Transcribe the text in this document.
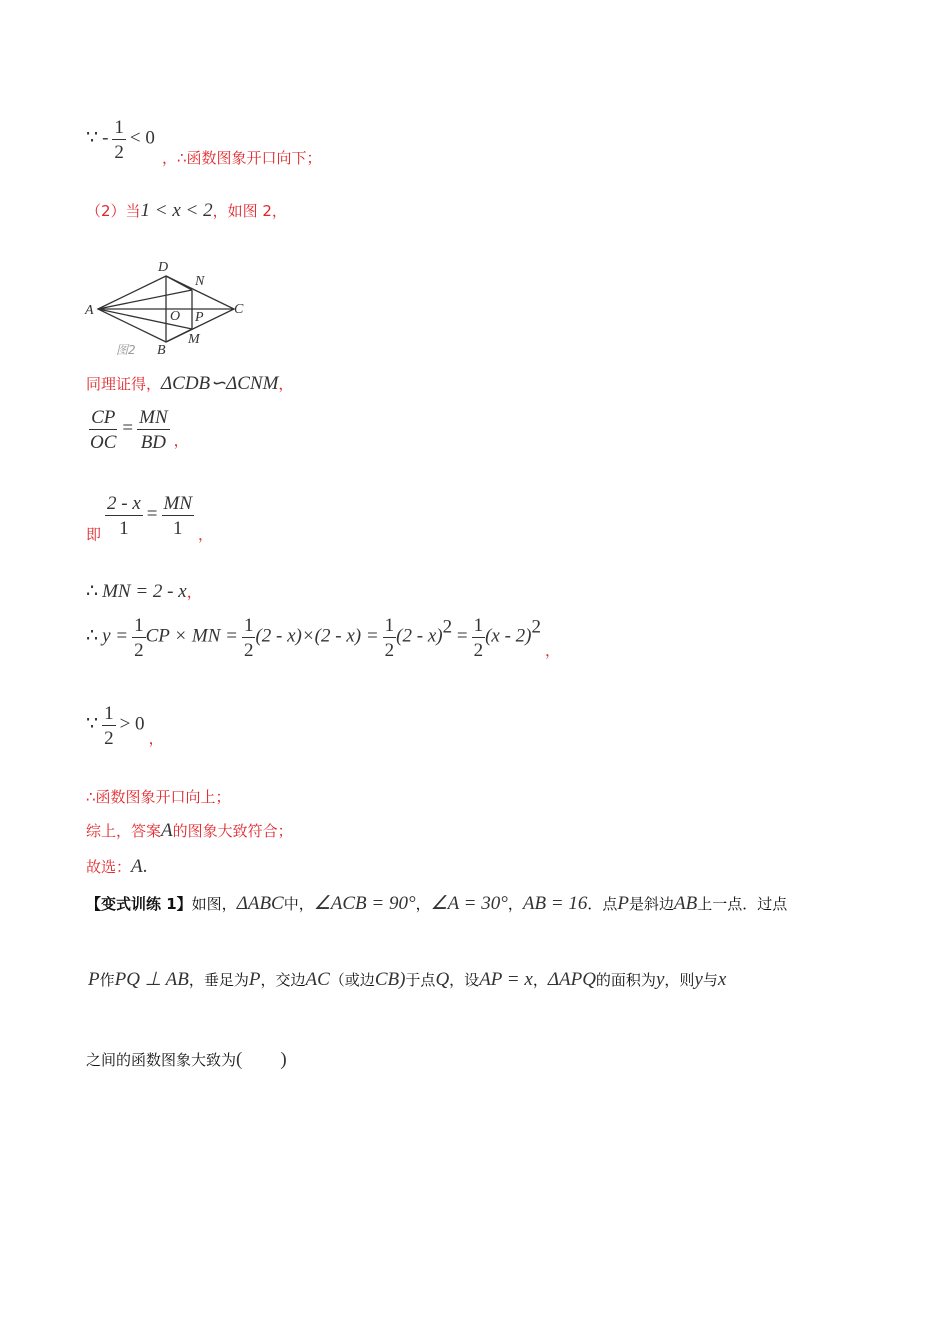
∵ - $\frac{1}{2} < 0$
，∴函数图象开口向下；
（2）当1 < x < 2，如图 2，
A
D
N
C
O P
M
B
图2
同理证得，ΔCDB∽ΔCNM，
$\frac{CP}{OC} = \frac{MN}{BD}$ ，
即 $\frac{2 - x}{1} = \frac{MN}{1}$ ，
∴ MN = 2 - x，
∴ $y = \frac{1}{2}$ CP × MN = $\frac{1}{2} (2 - x)\times(2 - x) = \frac{1}{2} (2 - x)^2 = \frac{1}{2} (x - 2)^2$ ，
∵ $\frac{1}{2} > 0$ ，
∴函数图象开口向上；
综上，答案A的图象大致符合；
故选：A.
【变式训练 1】如图，ΔABC中，∠ACB = 90°，∠A = 30°，AB = 16．点P是斜边AB上一点．过点
P作PQ ⊥ AB，垂足为P，交边AC（或边CB)于点Q，设AP = x，ΔAPQ的面积为y，则y与x
之间的函数图象大致为(　　)
